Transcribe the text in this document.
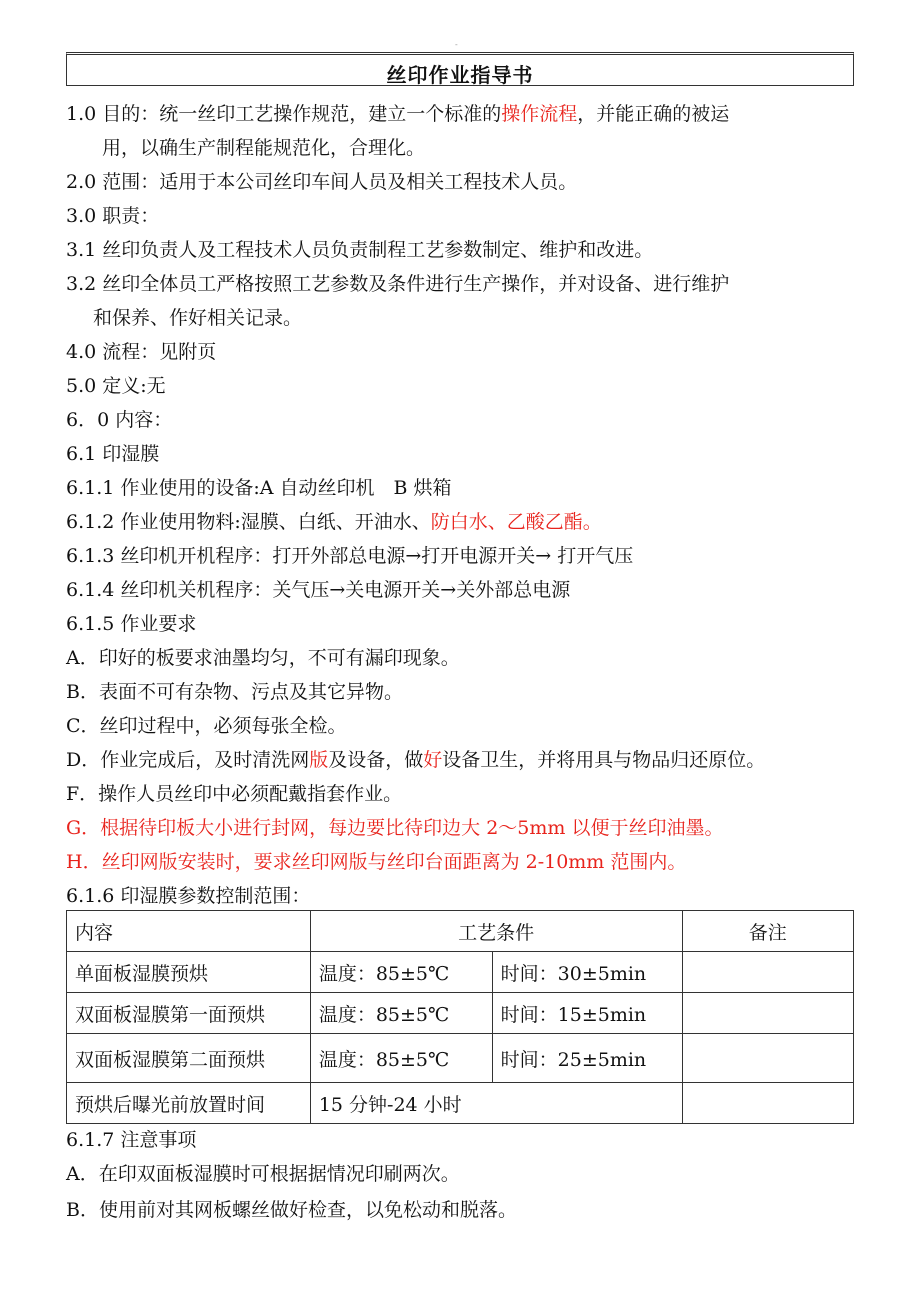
-
丝印作业指导书
1.0 目的：统一丝印工艺操作规范，建立一个标准的操作流程，并能正确的被运
用，以确生产制程能规范化，合理化。
2.0 范围：适用于本公司丝印车间人员及相关工程技术人员。
3.0 职责：
3.1 丝印负责人及工程技术人员负责制程工艺参数制定、维护和改进。
3.2 丝印全体员工严格按照工艺参数及条件进行生产操作，并对设备、进行维护
和保养、作好相关记录。
4.0 流程：见附页
5.0 定义:无
6．0 内容：
6.1 印湿膜
6.1.1 作业使用的设备:A 自动丝印机　B 烘箱
6.1.2 作业使用物料:湿膜、白纸、开油水、防白水、乙酸乙酯。
6.1.3 丝印机开机程序：打开外部总电源→打开电源开关→ 打开气压
6.1.4 丝印机关机程序：关气压→关电源开关→关外部总电源
6.1.5 作业要求
A．印好的板要求油墨均匀，不可有漏印现象。
B．表面不可有杂物、污点及其它异物。
C．丝印过程中，必须每张全检。
D．作业完成后，及时清洗网版及设备，做好设备卫生，并将用具与物品归还原位。
F．操作人员丝印中必须配戴指套作业。
G．根据待印板大小进行封网，每边要比待印边大 2～5mm 以便于丝印油墨。
H．丝印网版安装时，要求丝印网版与丝印台面距离为 2-10mm 范围内。
6.1.6 印湿膜参数控制范围：
内容	工艺条件		备注
单面板湿膜预烘	温度：85±5℃	时间：30±5min	
双面板湿膜第一面预烘	温度：85±5℃	时间：15±5min	
双面板湿膜第二面预烘	温度：85±5℃	时间：25±5min	
预烘后曝光前放置时间	15 分钟-24 小时		
6.1.7 注意事项
A．在印双面板湿膜时可根据据情况印刷两次。
B．使用前对其网板螺丝做好检查，以免松动和脱落。
